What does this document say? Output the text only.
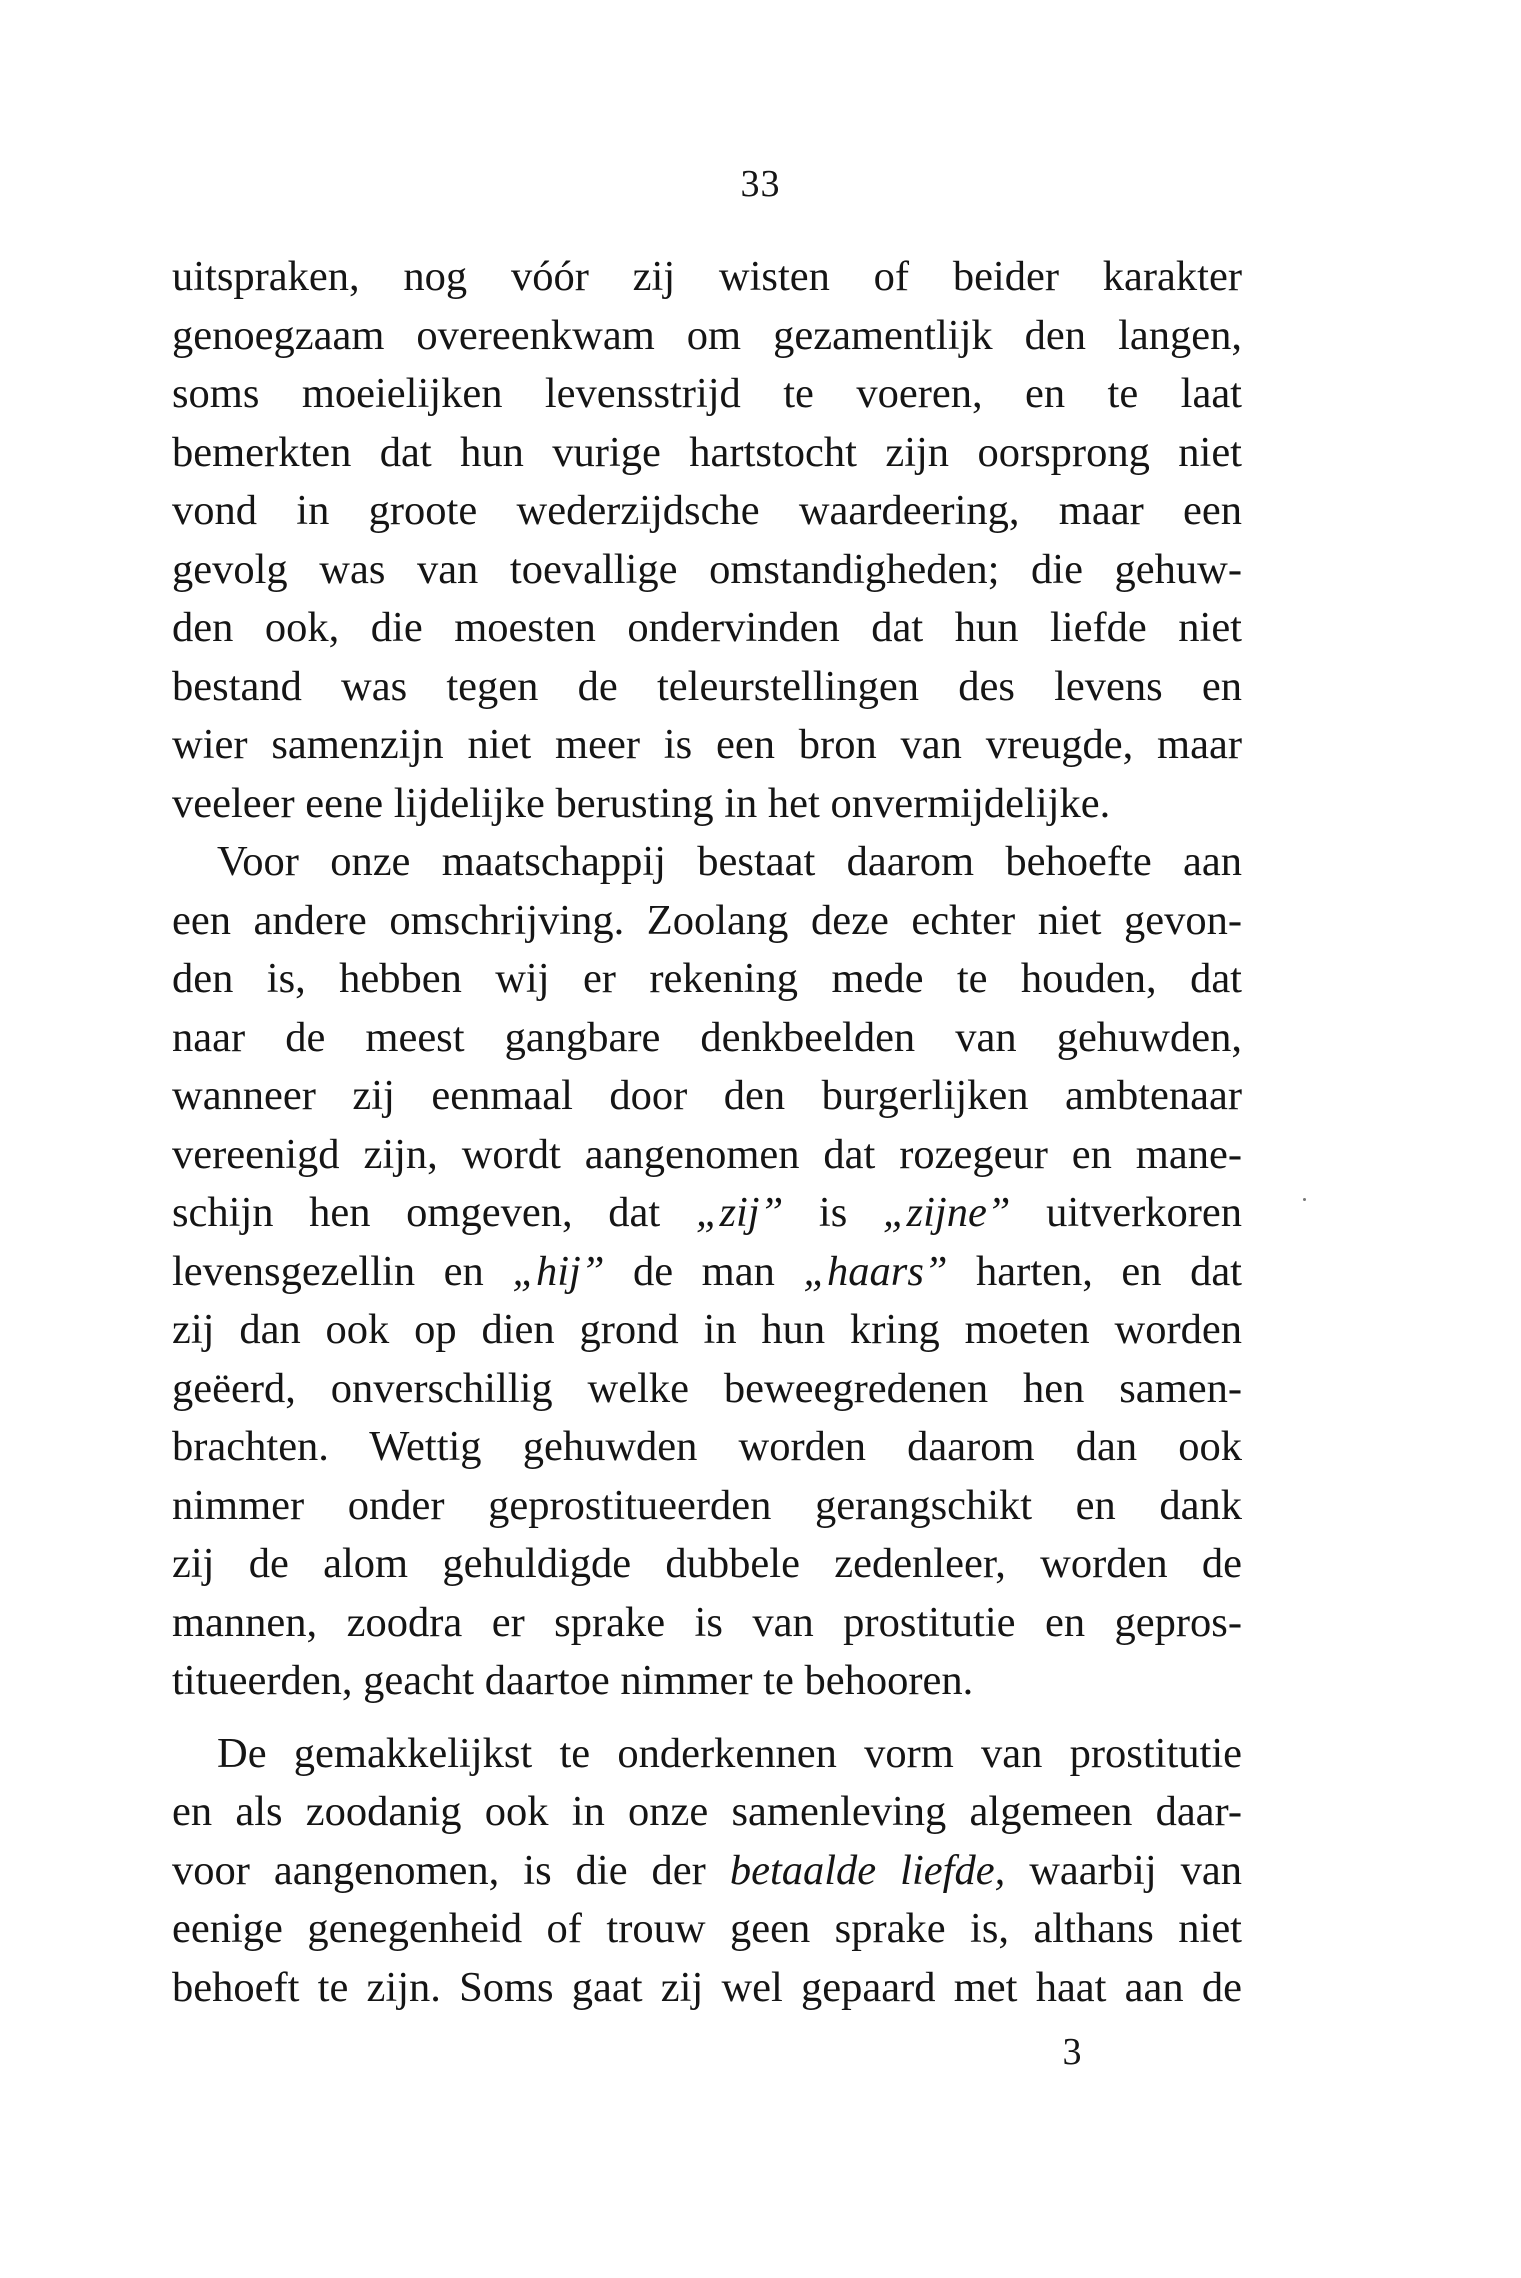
33
uitspraken, nog vóór zij wisten of beider karakter
genoegzaam overeenkwam om gezamentlijk den langen,
soms moeielijken levensstrijd te voeren, en te laat
bemerkten dat hun vurige hartstocht zijn oorsprong niet
vond in groote wederzijdsche waardeering, maar een
gevolg was van toevallige omstandigheden; die gehuw-
den ook, die moesten ondervinden dat hun liefde niet
bestand was tegen de teleurstellingen des levens en
wier samenzijn niet meer is een bron van vreugde, maar
veeleer eene lijdelijke berusting in het onvermijdelijke.
Voor onze maatschappij bestaat daarom behoefte aan
een andere omschrijving. Zoolang deze echter niet gevon-
den is, hebben wij er rekening mede te houden, dat
naar de meest gangbare denkbeelden van gehuwden,
wanneer zij eenmaal door den burgerlijken ambtenaar
vereenigd zijn, wordt aangenomen dat rozegeur en mane-
schijn hen omgeven, dat „zij” is „zijne” uitverkoren
levensgezellin en „hij” de man „haars” harten, en dat
zij dan ook op dien grond in hun kring moeten worden
geëerd, onverschillig welke beweegredenen hen samen-
brachten. Wettig gehuwden worden daarom dan ook
nimmer onder geprostitueerden gerangschikt en dank
zij de alom gehuldigde dubbele zedenleer, worden de
mannen, zoodra er sprake is van prostitutie en gepros-
titueerden, geacht daartoe nimmer te behooren.
De gemakkelijkst te onderkennen vorm van prostitutie
en als zoodanig ook in onze samenleving algemeen daar-
voor aangenomen, is die der betaalde liefde, waarbij van
eenige genegenheid of trouw geen sprake is, althans niet
behoeft te zijn. Soms gaat zij wel gepaard met haat aan de
3
